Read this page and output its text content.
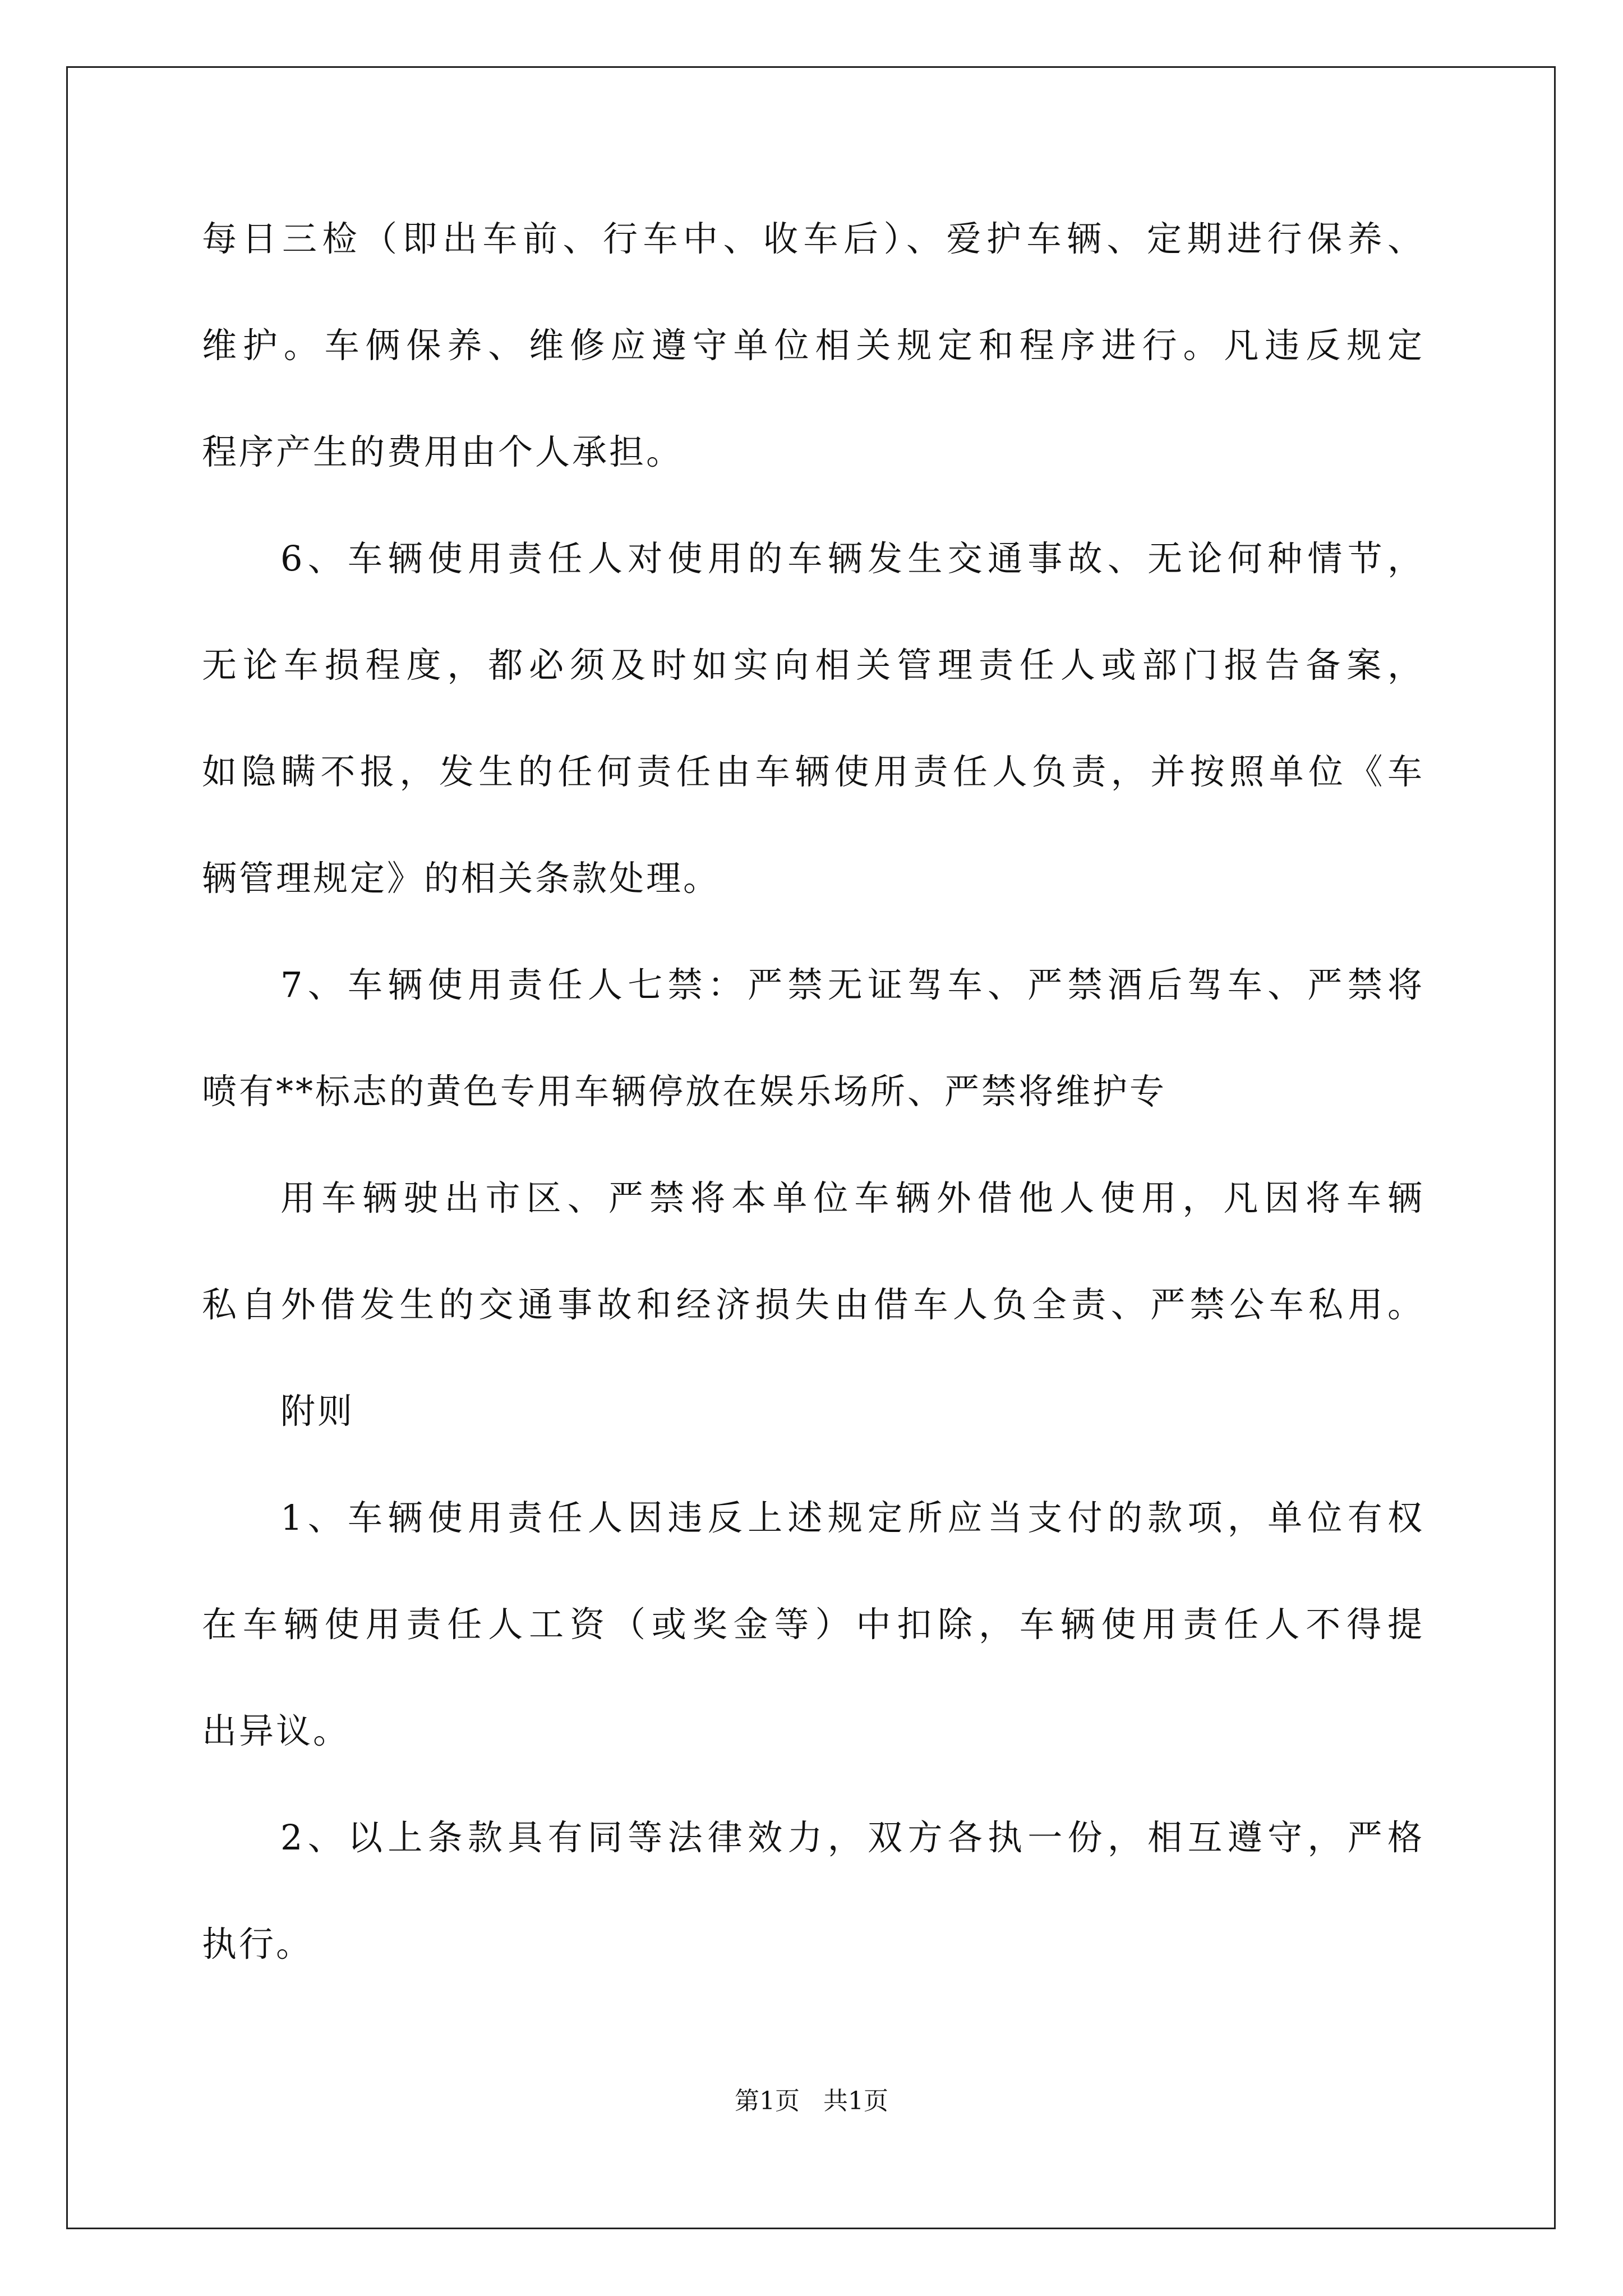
每日三检（即出车前、行车中、收车后）、爱护车辆、定期进行保养、
维护。车俩保养、维修应遵守单位相关规定和程序进行。凡违反规定
程序产生的费用由个人承担。
6、车辆使用责任人对使用的车辆发生交通事故、无论何种情节，
无论车损程度，都必须及时如实向相关管理责任人或部门报告备案，
如隐瞒不报，发生的任何责任由车辆使用责任人负责，并按照单位《车
辆管理规定》的相关条款处理。
7、车辆使用责任人七禁：严禁无证驾车、严禁酒后驾车、严禁将
喷有**标志的黄色专用车辆停放在娱乐场所、严禁将维护专
用车辆驶出市区、严禁将本单位车辆外借他人使用，凡因将车辆
私自外借发生的交通事故和经济损失由借车人负全责、严禁公车私用。
附则
1、车辆使用责任人因违反上述规定所应当支付的款项，单位有权
在车辆使用责任人工资（或奖金等）中扣除，车辆使用责任人不得提
出异议。
2、以上条款具有同等法律效力，双方各执一份，相互遵守，严格
执行。
第1页   共1页
